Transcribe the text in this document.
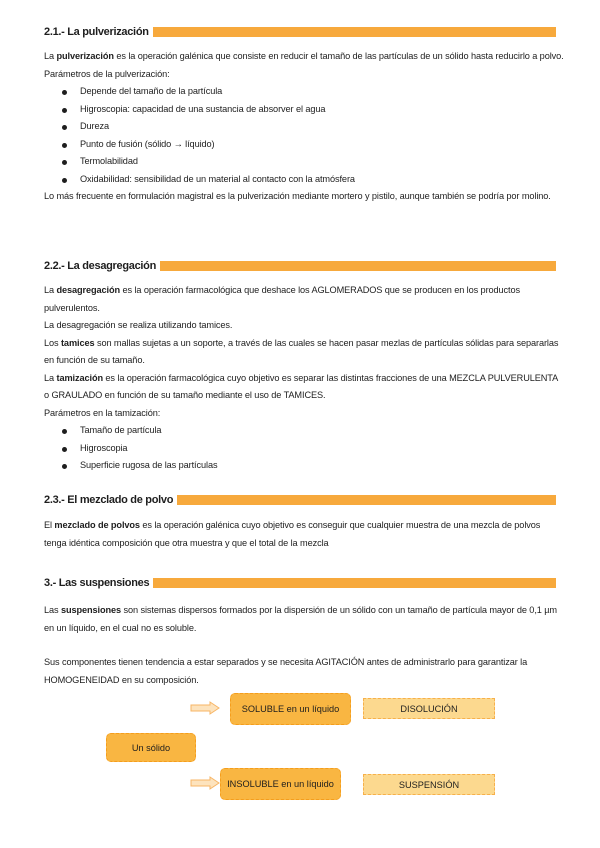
2.1.- La pulverización

La pulverización es la operación galénica que consiste en reducir el tamaño de las partículas de un sólido hasta reducirlo a polvo.

Parámetros de la pulverización:

Depende del tamaño de la partícula
Higroscopia: capacidad de una sustancia de absorver el agua
Dureza
Punto de fusión (sólido → líquido)
Termolabilidad
Oxidabilidad: sensibilidad de un material al contacto con la atmósfera

Lo más frecuente en formulación magistral es la pulverización mediante mortero y pistilo, aunque también se podría por molino.

2.2.- La desagregación

La desagregación es la operación farmacológica que deshace los AGLOMERADOS que se producen en los productos pulverulentos.

La desagregación se realiza utilizando tamices.

Los tamices son mallas sujetas a un soporte, a través de las cuales se hacen pasar mezlas de partículas sólidas para separarlas en función de su tamaño.

La tamización es la operación farmacológica cuyo objetivo es separar las distintas fracciones de una MEZCLA PULVERULENTA o GRAULADO en función de su tamaño mediante el uso de TAMICES.

Parámetros en la tamización:

Tamaño de partícula
Higroscopia
Superficie rugosa de las partículas
2.3.- El mezclado de polvo

El mezclado de polvos es la operación galénica cuyo objetivo es conseguir que cualquier muestra de una mezcla de polvos tenga idéntica composición que otra muestra y que el total de la mezcla

3.- Las suspensiones

Las suspensiones son sistemas dispersos formados por la dispersión de un sólido con un tamaño de partícula mayor de 0,1 µm en un líquido, en el cual no es soluble.

Sus componentes tienen tendencia a estar separados y se necesita AGITACIÓN antes de administrarlo para garantizar la HOMOGENEIDAD en su composición.

SOLUBLE en un líquido	DISOLUCIÓN
Un sólido
INSOLUBLE en un líquido	SUSPENSIÓN
